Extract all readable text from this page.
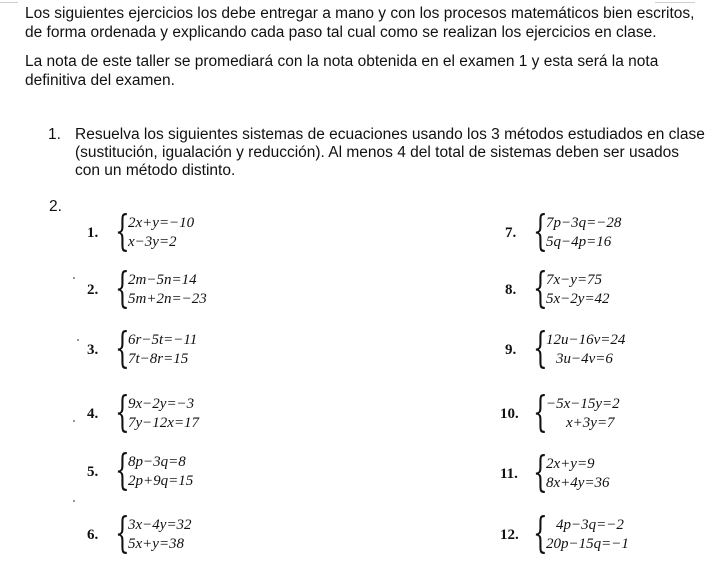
Los siguientes ejercicios los debe entregar a mano y con los procesos matemáticos bien escritos, de forma ordenada y explicando cada paso tal cual como se realizan los ejercicios en clase.

La nota de este taller se promediará con la nota obtenida en el examen 1 y esta será la nota definitiva del examen.

1. Resuelva los siguientes sistemas de ecuaciones usando los 3 métodos estudiados en clase (sustitución, igualación y reducción). Al menos 4 del total de sistemas deben ser usados con un método distinto.
2.
1. {
2x+y=−10
x−3y=2
2. {
2m−5n=14
5m+2n=−23
3. {
6r−5t=−11
7t−8r=15
4. {
9x−2y=−3
7y−12x=17
5. {
8p−3q=8
2p+9q=15
6. {
3x−4y=32
5x+y=38
7. {
7p−3q=−28
5q−4p=16
8. {
7x−y=75
5x−2y=42
9. {
12u−16v=24
3u−4v=6
10. {
−5x−15y=2
x+3y=7
11. {
2x+y=9
8x+4y=36
12. { 4p−3q=−2
20p−15q=−1
